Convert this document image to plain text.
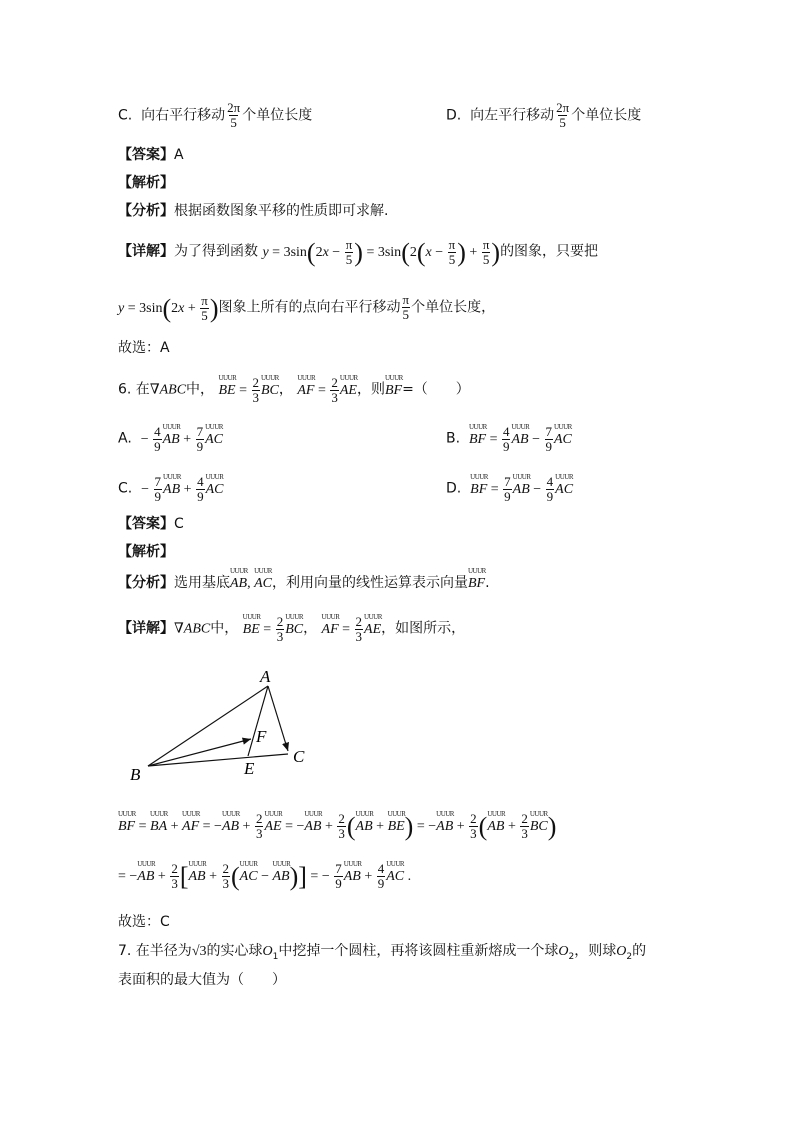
C. 向右平行移动 $\frac{2\pi}{5}$ 个单位长度	D. 向左平行移动 $\frac{2\pi}{5}$ 个单位长度
【答案】A
【解析】
【分析】根据函数图象平移的性质即可求解.
【详解】为了得到函数 $y = 3\sin(2x - \frac{\pi}{5}$ ) = $3\sin(2(x - \frac{\pi}{5}$ ) + $\frac{\pi}{5}$ )的图象，只要把
$y = 3\sin(2x + \frac{\pi}{5}$ )图象上所有的点向右平行移动 $\frac{\pi}{5}$ 个单位长度，
故选：A
6. 在∇ABC中， UUUR BE = $\frac{2}{3}$ UUUR BC， UUUR AF = $\frac{2}{3}$ UUUR AE，则UUUR BF=（　　）
A. − $\frac{4}{9}$ UUUR AB + $\frac{7}{9}$ UUUR AC	B. UUUR BF = $\frac{4}{9}$ UUUR AB − $\frac{7}{9}$ UUUR AC
C. − $\frac{7}{9}$ UUUR AB + $\frac{4}{9}$ UUUR AC	D. UUUR BF = $\frac{7}{9}$ UUUR AB − $\frac{4}{9}$ UUUR AC
【答案】C
【解析】
【分析】选用基底UUUR AB, UUUR AC，利用向量的线性运算表示向量UUUR BF.
【详解】∇ABC中， UUUR BE = $\frac{2}{3}$ UUUR BC， UUUR AF = $\frac{2}{3}$ UUUR AE，如图所示，
A
B
C
E
F
UUUR BF = UUUR BA + UUUR AF = −UUUR AB + $\frac{2}{3}$ UUUR AE = −UUUR AB + $\frac{2}{3}$ (UUUR AB + UUUR BE) = −UUUR AB + $\frac{2}{3}$ (UUUR AB + $\frac{2}{3}$ UUUR BC)
= −UUUR AB + $\frac{2}{3}$ [UUUR AB + $\frac{2}{3}$ (UUUR AC − UUUR AB)] = − $\frac{7}{9}$ UUUR AB + $\frac{4}{9}$ UUUR AC .
故选：C
7. 在半径为√3的实心球$O_1$中挖掉一个圆柱，再将该圆柱重新熔成一个球$O_2$，则球$O_2$的
表面积的最大值为（　　）
